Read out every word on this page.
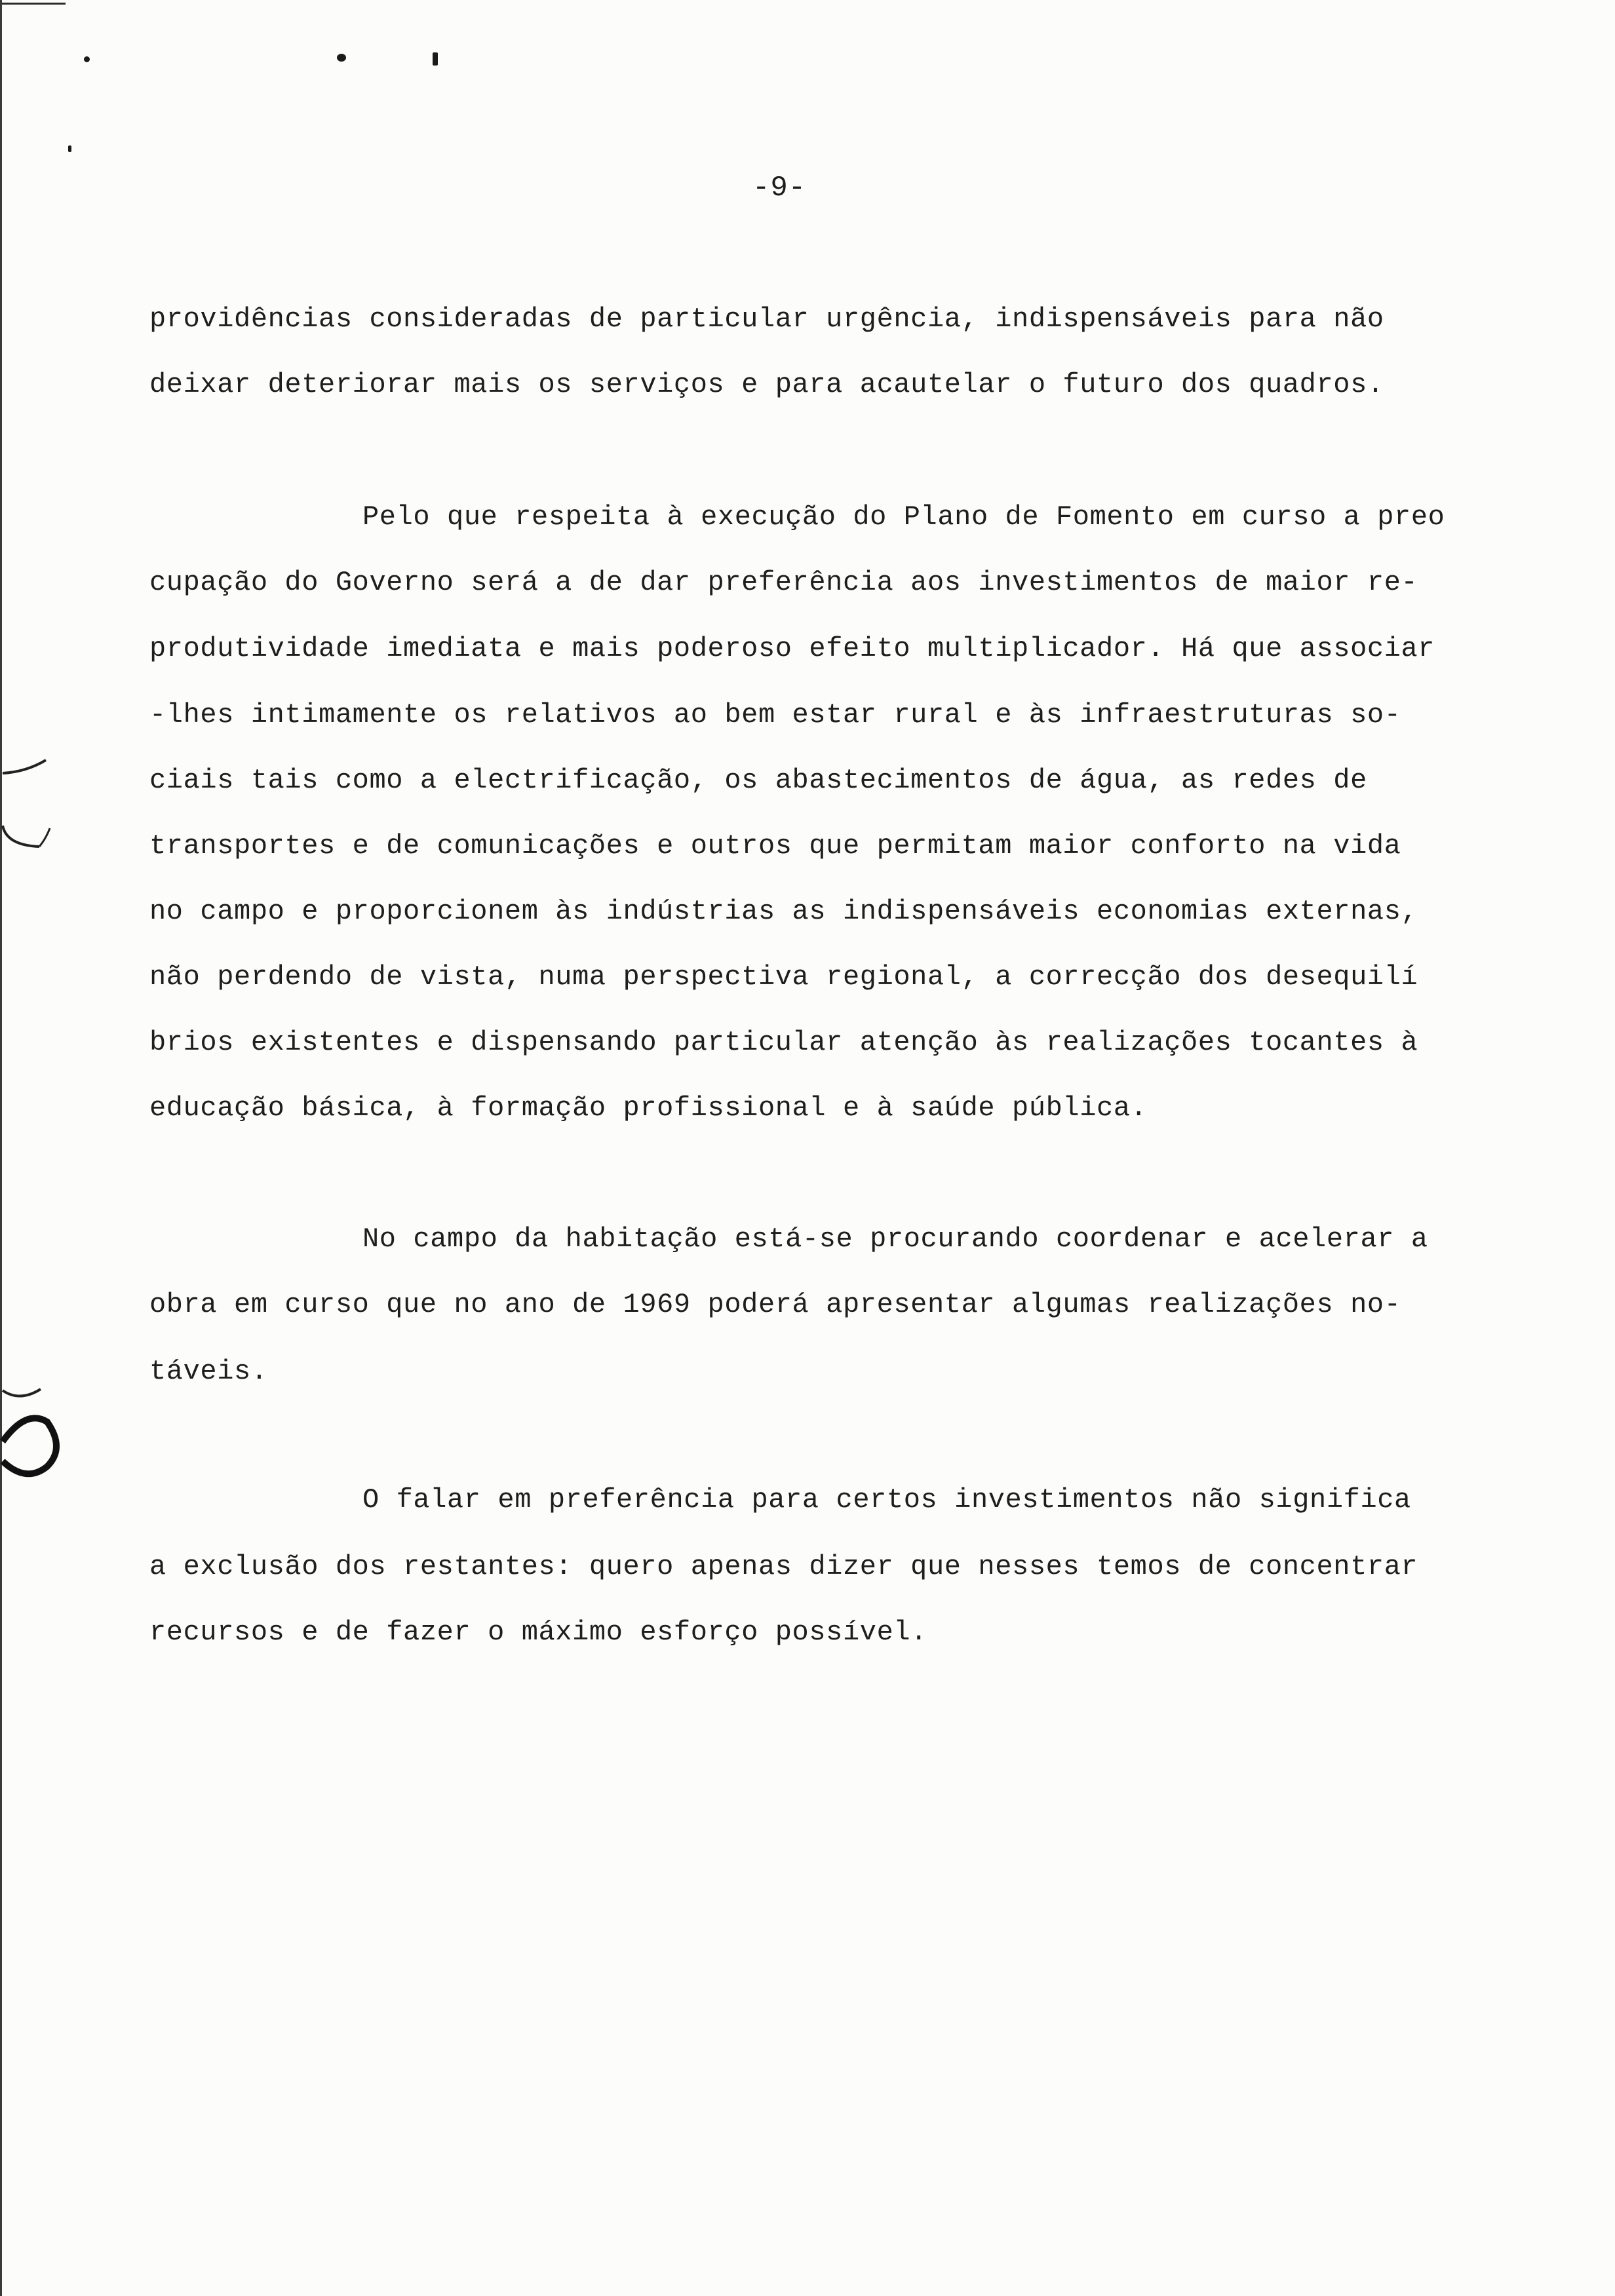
-9-
providências consideradas de particular urgência, indispensáveis para não
deixar deteriorar mais os serviços e para acautelar o futuro dos quadros.
Pelo que respeita à execução do Plano de Fomento em curso a preo
cupação do Governo será a de dar preferência aos investimentos de maior re-
produtividade imediata e mais poderoso efeito multiplicador. Há que associar
-lhes intimamente os relativos ao bem estar rural e às infraestruturas so-
ciais tais como a electrificação, os abastecimentos de água, as redes de
transportes e de comunicações e outros que permitam maior conforto na vida
no campo e proporcionem às indústrias as indispensáveis economias externas,
não perdendo de vista, numa perspectiva regional, a correcção dos desequilí
brios existentes e dispensando particular atenção às realizações tocantes à
educação básica, à formação profissional e à saúde pública.
No campo da habitação está-se procurando coordenar e acelerar a
obra em curso que no ano de 1969 poderá apresentar algumas realizações no-
táveis.
O falar em preferência para certos investimentos não significa
a exclusão dos restantes: quero apenas dizer que nesses temos de concentrar
recursos e de fazer o máximo esforço possível.
